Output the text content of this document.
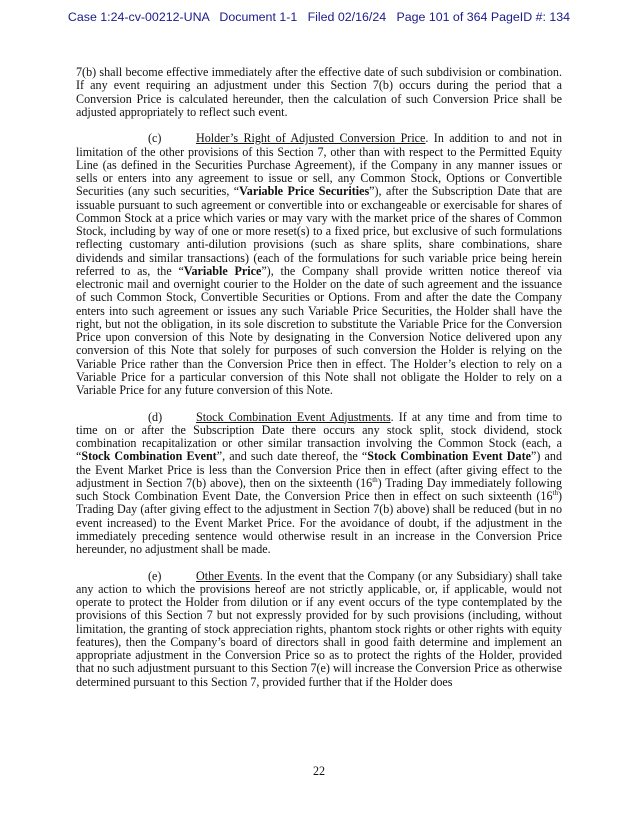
Case 1:24-cv-00212-UNA Document 1-1 Filed 02/16/24 Page 101 of 364 PageID #: 134

7(b) shall become effective immediately after the effective date of such subdivision or combination. If any event requiring an adjustment under this Section 7(b) occurs during the period that a Conversion Price is calculated hereunder, then the calculation of such Conversion Price shall be adjusted appropriately to reflect such event.

(c)	Holder’s Right of Adjusted Conversion Price. In addition to and not in limitation of the other provisions of this Section 7, other than with respect to the Permitted Equity Line (as defined in the Securities Purchase Agreement), if the Company in any manner issues or sells or enters into any agreement to issue or sell, any Common Stock, Options or Convertible Securities (any such securities, “Variable Price Securities”), after the Subscription Date that are issuable pursuant to such agreement or convertible into or exchangeable or exercisable for shares of Common Stock at a price which varies or may vary with the market price of the shares of Common Stock, including by way of one or more reset(s) to a fixed price, but exclusive of such formulations reflecting customary anti-dilution provisions (such as share splits, share combinations, share dividends and similar transactions) (each of the formulations for such variable price being herein referred to as, the “Variable Price”), the Company shall provide written notice thereof via electronic mail and overnight courier to the Holder on the date of such agreement and the issuance of such Common Stock, Convertible Securities or Options. From and after the date the Company enters into such agreement or issues any such Variable Price Securities, the Holder shall have the right, but not the obligation, in its sole discretion to substitute the Variable Price for the Conversion Price upon conversion of this Note by designating in the Conversion Notice delivered upon any conversion of this Note that solely for purposes of such conversion the Holder is relying on the Variable Price rather than the Conversion Price then in effect. The Holder’s election to rely on a Variable Price for a particular conversion of this Note shall not obligate the Holder to rely on a Variable Price for any future conversion of this Note.

(d)	Stock Combination Event Adjustments. If at any time and from time to time on or after the Subscription Date there occurs any stock split, stock dividend, stock combination recapitalization or other similar transaction involving the Common Stock (each, a “Stock Combination Event”, and such date thereof, the “Stock Combination Event Date”) and the Event Market Price is less than the Conversion Price then in effect (after giving effect to the adjustment in Section 7(b) above), then on the sixteenth (16th) Trading Day immediately following such Stock Combination Event Date, the Conversion Price then in effect on such sixteenth (16th) Trading Day (after giving effect to the adjustment in Section 7(b) above) shall be reduced (but in no event increased) to the Event Market Price. For the avoidance of doubt, if the adjustment in the immediately preceding sentence would otherwise result in an increase in the Conversion Price hereunder, no adjustment shall be made.

(e)	Other Events. In the event that the Company (or any Subsidiary) shall take any action to which the provisions hereof are not strictly applicable, or, if applicable, would not operate to protect the Holder from dilution or if any event occurs of the type contemplated by the provisions of this Section 7 but not expressly provided for by such provisions (including, without limitation, the granting of stock appreciation rights, phantom stock rights or other rights with equity features), then the Company’s board of directors shall in good faith determine and implement an appropriate adjustment in the Conversion Price so as to protect the rights of the Holder, provided that no such adjustment pursuant to this Section 7(e) will increase the Conversion Price as otherwise determined pursuant to this Section 7, provided further that if the Holder does

22
